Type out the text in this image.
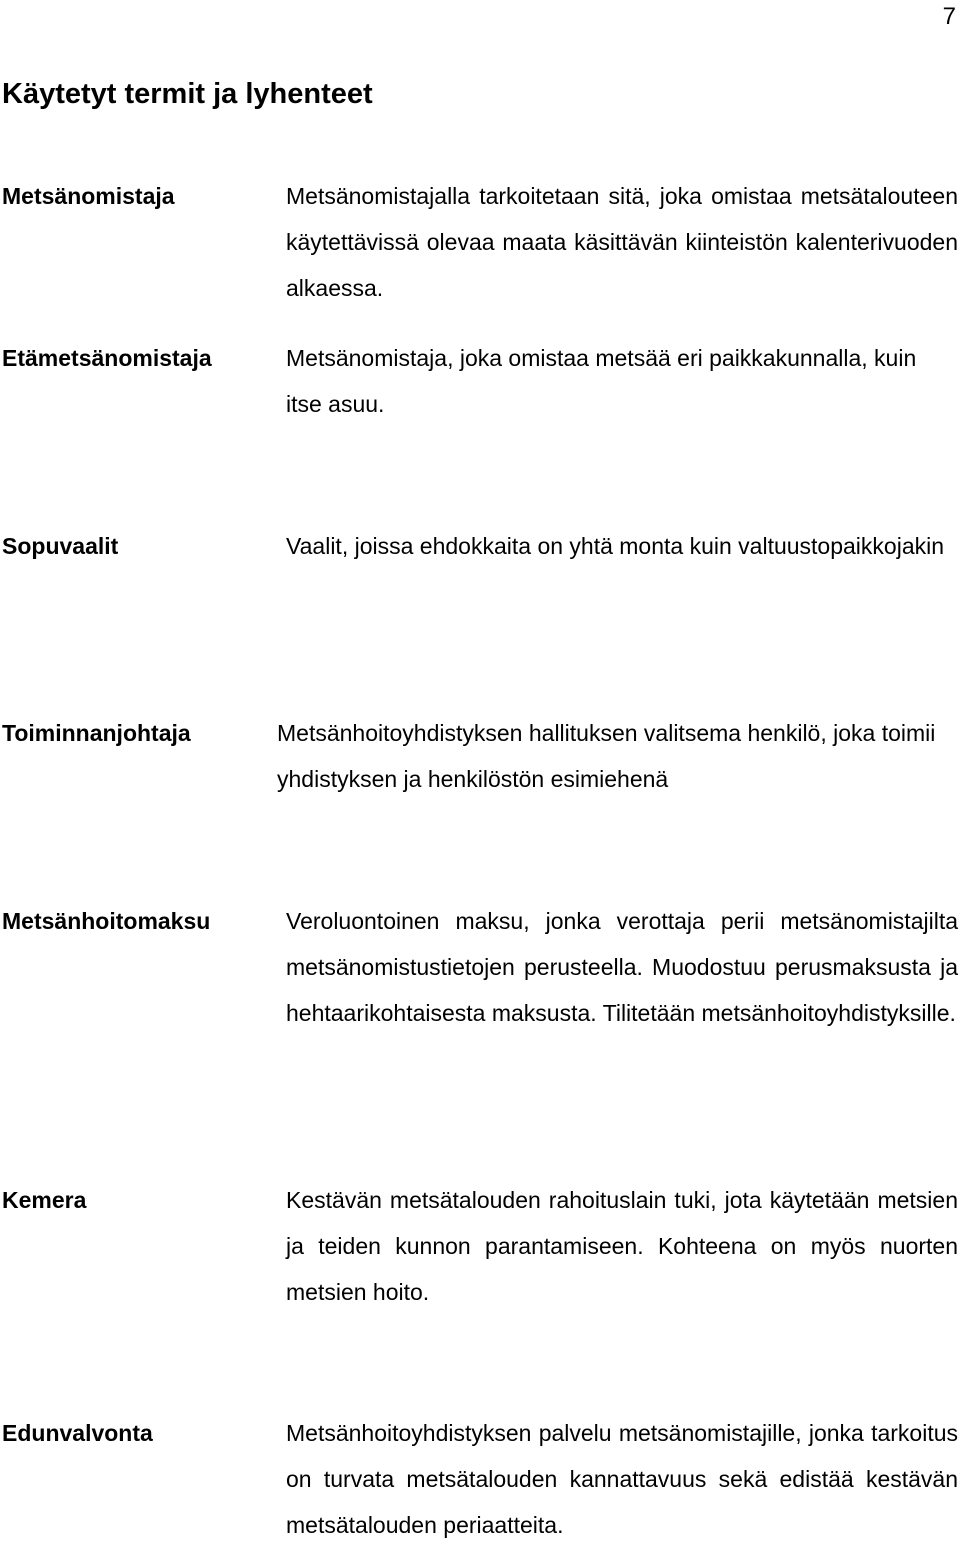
7
Käytetyt termit ja lyhenteet
Metsänomistaja	Metsänomistajalla tarkoitetaan sitä, joka omistaa metsätalouteen käytettävissä olevaa maata käsittävän kiinteistön kalenterivuoden alkaessa.
Etämetsänomistaja	Metsänomistaja, joka omistaa metsää eri paikkakunnalla, kuin itse asuu.
Sopuvaalit	Vaalit, joissa ehdokkaita on yhtä monta kuin valtuustopaikkojakin
Toiminnanjohtaja	Metsänhoitoyhdistyksen hallituksen valitsema henkilö, joka toimii yhdistyksen ja henkilöstön esimiehenä
Metsänhoitomaksu	Veroluontoinen maksu, jonka verottaja perii metsänomistajilta metsänomistustietojen perusteella. Muodostuu perusmaksusta ja hehtaarikohtaisesta maksusta. Tilitetään metsänhoitoyhdistyksille.
Kemera	Kestävän metsätalouden rahoituslain tuki, jota käytetään metsien ja teiden kunnon parantamiseen. Kohteena on myös nuorten metsien hoito.
Edunvalvonta	Metsänhoitoyhdistyksen palvelu metsänomistajille, jonka tarkoitus on turvata metsätalouden kannattavuus sekä edistää kestävän metsätalouden periaatteita.
